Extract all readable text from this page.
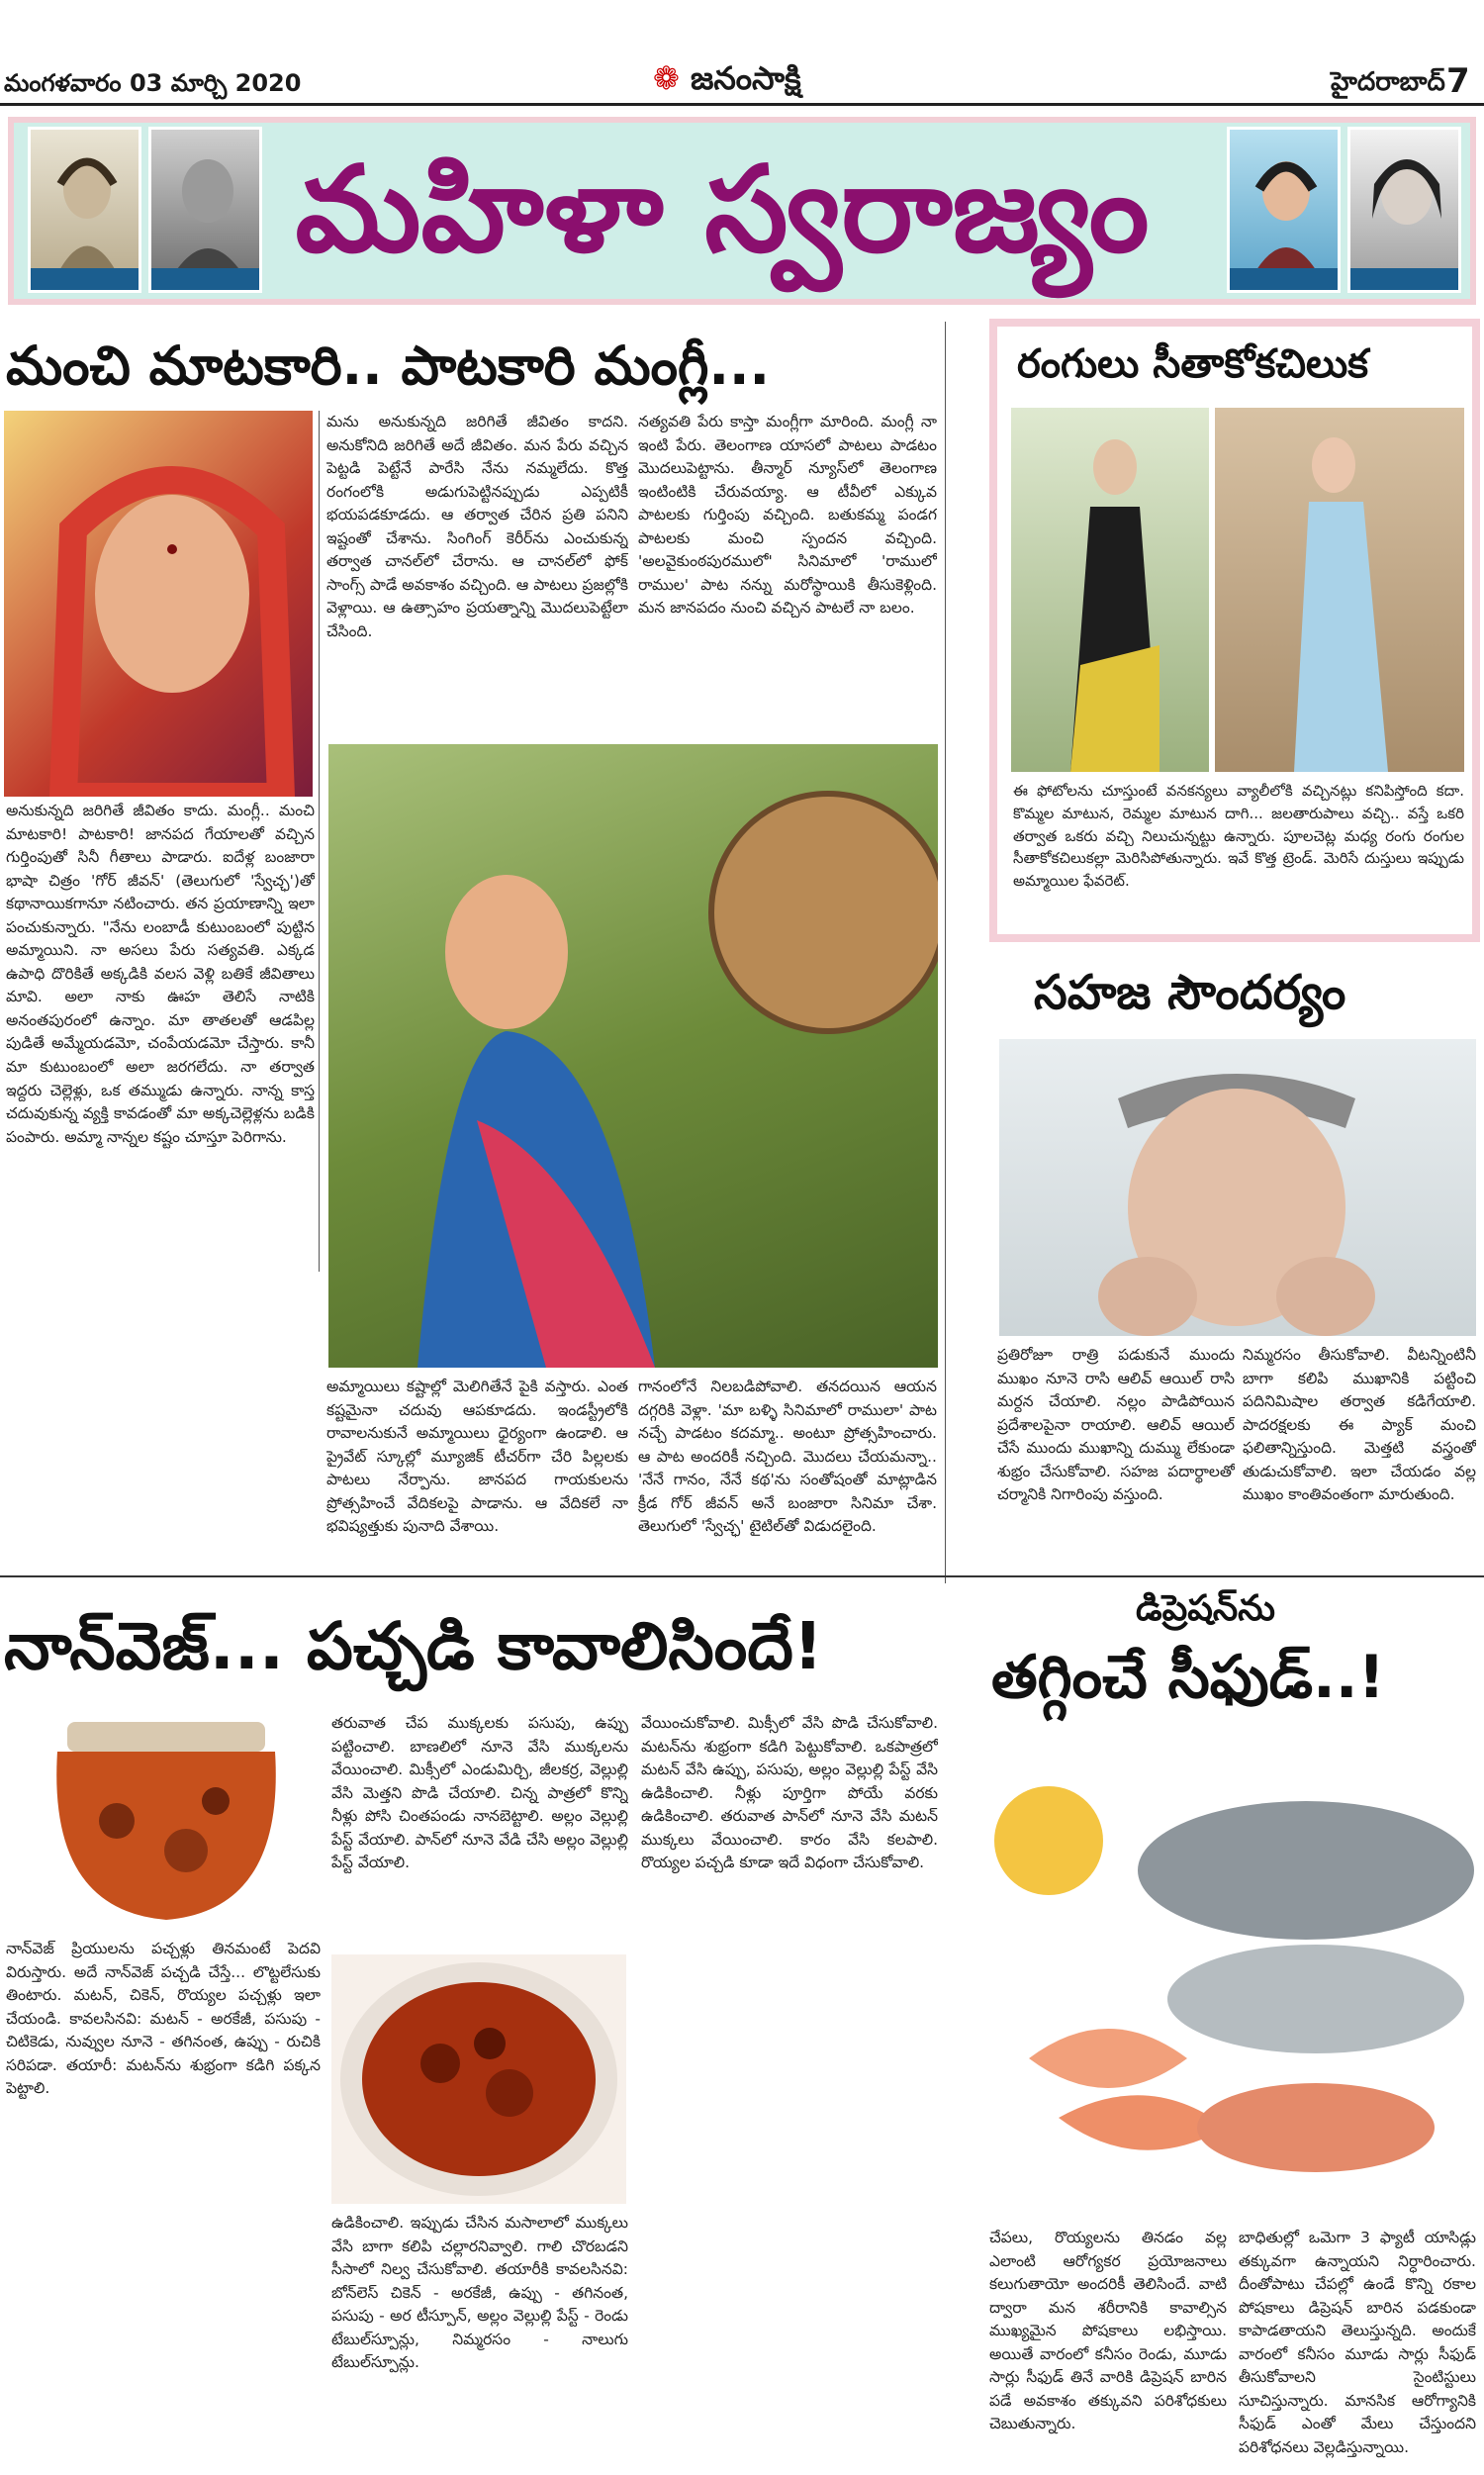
మంగళవారం 03 మార్చి 2020	❁ జనంసాక్షి	హైదరాబాద్ 7
మహిళా స్వరాజ్యం
మంచి మాటకారి.. పాటకారి మంగ్లీ...
అనుకున్నది జరిగితే జీవితం కాదు. మంగ్లీ.. మంచి మాటకారి! పాటకారి! జానపద గేయాలతో వచ్చిన గుర్తింపుతో సినీ గీతాలు పాడారు. ఐదేళ్ల బంజారా భాషా చిత్రం 'గోర్ జీవన్' (తెలుగులో 'స్వేచ్ఛ')తో కథానాయికగానూ నటించారు. తన ప్రయాణాన్ని ఇలా పంచుకున్నారు. "నేను లంబాడీ కుటుంబంలో పుట్టిన అమ్మాయిని. నా అసలు పేరు సత్యవతి. ఎక్కడ ఉపాధి దొరికితే అక్కడికి వలస వెళ్లి బతికే జీవితాలు మావి. అలా నాకు ఊహ తెలిసే నాటికి అనంతపురంలో ఉన్నాం. మా తాతలతో ఆడపిల్ల పుడితే అమ్మేయడమో, చంపేయడమో చేస్తారు. కానీ మా కుటుంబంలో అలా జరగలేదు. నా తర్వాత ఇద్దరు చెల్లెళ్లు, ఒక తమ్ముడు ఉన్నారు. నాన్న కాస్త చదువుకున్న వ్యక్తి కావడంతో మా అక్కచెల్లెళ్లను బడికి పంపారు. అమ్మా నాన్నల కష్టం చూస్తూ పెరిగాను.
మను అనుకున్నది జరిగితే జీవితం కాదని. అనుకోనిది జరిగితే అదే జీవితం. మన పేరు వచ్చిన పెట్టడి పెట్టేనే పారేసి నేను నమ్మలేదు. కొత్త రంగంలోకి అడుగుపెట్టినప్పుడు ఎప్పటికీ భయపడకూడదు. ఆ తర్వాత చేరిన ప్రతి పనిని ఇష్టంతో చేశాను. సింగింగ్ కెరీర్‌ను ఎంచుకున్న తర్వాత చానల్‌లో చేరాను. ఆ చానల్‌లో ఫోక్ సాంగ్స్ పాడే అవకాశం వచ్చింది. ఆ పాటలు ప్రజల్లోకి వెళ్లాయి. ఆ ఉత్సాహం ప్రయత్నాన్ని మొదలుపెట్టేలా చేసింది.
నత్యవతి పేరు కాస్తా మంగ్లీగా మారింది. మంగ్లీ నా ఇంటి పేరు. తెలంగాణ యాసలో పాటలు పాడటం మొదలుపెట్టాను. తీన్మార్ న్యూస్‌లో తెలంగాణ ఇంటింటికి చేరువయ్యా. ఆ టీవీలో ఎక్కువ పాటలకు గుర్తింపు వచ్చింది. బతుకమ్మ పండగ పాటలకు మంచి స్పందన వచ్చింది. 'అలవైకుంఠపురములో' సినిమాలో 'రాములో రాముల' పాట నన్ను మరోస్థాయికి తీసుకెళ్లింది. మన జానపదం నుంచి వచ్చిన పాటలే నా బలం.
అమ్మాయిలు కష్టాల్లో మెలిగితేనే పైకి వస్తారు. ఎంత కష్టమైనా చదువు ఆపకూడదు. ఇండస్ట్రీలోకి రావాలనుకునే అమ్మాయిలు ధైర్యంగా ఉండాలి. ఆ ప్రైవేట్ స్కూల్లో మ్యూజిక్ టీచర్‌గా చేరి పిల్లలకు పాటలు నేర్పాను. జానపద గాయకులను ప్రోత్సహించే వేదికలపై పాడాను. ఆ వేదికలే నా భవిష్యత్తుకు పునాది వేశాయి.
గానంలోనే నిలబడిపోవాలి. తనదయిన ఆయన దగ్గరికి వెళ్లా. 'మా బళ్ళి సినిమాలో రాములా' పాట నచ్చే పాడటం కదమ్మా.. అంటూ ప్రోత్సహించారు. ఆ పాట అందరికీ నచ్చింది. మొదలు చేయమన్నా.. 'నేనే గానం, నేనే కథ'ను సంతోషంతో మాట్లాడిన క్రీడ గోర్ జీవన్ అనే బంజారా సినిమా చేశా. తెలుగులో 'స్వేచ్ఛ' టైటిల్‌తో విడుదలైంది.
రంగులు సీతాకోకచిలుక
ఈ ఫోటోలను చూస్తుంటే వనకన్యలు వ్యాలీలోకి వచ్చినట్లు కనిపిస్తోంది కదా. కొమ్మల మాటున, రెమ్మల మాటున దాగి... జలతారుపాలు వచ్చి.. వస్తే ఒకరి తర్వాత ఒకరు వచ్చి నిలుచున్నట్టు ఉన్నారు. పూలచెట్ల మధ్య రంగు రంగుల సీతాకోకచిలుకల్లా మెరిసిపోతున్నారు. ఇవే కొత్త ట్రెండ్. మెరిసే దుస్తులు ఇప్పుడు అమ్మాయిల ఫేవరెట్.
సహజ సౌందర్యం
ప్రతిరోజూ రాత్రి పడుకునే ముందు ముఖం నూనె రాసి ఆలివ్ ఆయిల్ రాసి మర్దన చేయాలి. నల్లం పాడిపోయిన ప్రదేశాలపైనా రాయాలి. ఆలివ్ ఆయిల్ చేసే ముందు ముఖాన్ని దుమ్ము లేకుండా శుభ్రం చేసుకోవాలి. సహజ పదార్థాలతో చర్మానికి నిగారింపు వస్తుంది.
నిమ్మరసం తీసుకోవాలి. వీటన్నింటినీ బాగా కలిపి ముఖానికి పట్టించి పదినిమిషాల తర్వాత కడిగేయాలి. పాదరక్షలకు ఈ ప్యాక్ మంచి ఫలితాన్నిస్తుంది. మెత్తటి వస్త్రంతో తుడుచుకోవాలి. ఇలా చేయడం వల్ల ముఖం కాంతివంతంగా మారుతుంది.
నాన్‌వెజ్... పచ్చడి కావాలిసిందే!
నాన్‌వెజ్ ప్రియులను పచ్చళ్లు తినమంటే పెదవి విరుస్తారు. అదే నాన్‌వెజ్ పచ్చడి చేస్తే... లొట్టలేసుకు తింటారు. మటన్, చికెన్, రొయ్యల పచ్చళ్లు ఇలా చేయండి. కావలసినవి: మటన్ - అరకేజీ, పసుపు - చిటికెడు, నువ్వుల నూనె - తగినంత, ఉప్పు - రుచికి సరిపడా. తయారీ: మటన్‌ను శుభ్రంగా కడిగి పక్కన పెట్టాలి.
తరువాత చేప ముక్కలకు పసుపు, ఉప్పు పట్టించాలి. బాణలిలో నూనె వేసి ముక్కలను వేయించాలి. మిక్సీలో ఎండుమిర్చి, జీలకర్ర, వెల్లుల్లి వేసి మెత్తని పొడి చేయాలి. చిన్న పాత్రలో కొన్ని నీళ్లు పోసి చింతపండు నానబెట్టాలి. అల్లం వెల్లుల్లి పేస్ట్ వేయాలి. పాన్‌లో నూనె వేడి చేసి అల్లం వెల్లుల్లి పేస్ట్ వేయాలి.
వేయించుకోవాలి. మిక్సీలో వేసి పొడి చేసుకోవాలి. మటన్‌ను శుభ్రంగా కడిగి పెట్టుకోవాలి. ఒకపాత్రలో మటన్ వేసి ఉప్పు, పసుపు, అల్లం వెల్లుల్లి పేస్ట్ వేసి ఉడికించాలి. నీళ్లు పూర్తిగా పోయే వరకు ఉడికించాలి. తరువాత పాన్‌లో నూనె వేసి మటన్ ముక్కలు వేయించాలి. కారం వేసి కలపాలి. రొయ్యల పచ్చడి కూడా ఇదే విధంగా చేసుకోవాలి.
ఉడికించాలి. ఇప్పుడు చేసిన మసాలాలో ముక్కలు వేసి బాగా కలిపి చల్లారనివ్వాలి. గాలి చొరబడని సీసాలో నిల్వ చేసుకోవాలి. తయారీకి కావలసినవి: బోన్‌లెస్ చికెన్ - అరకేజీ, ఉప్పు - తగినంత, పసుపు - అర టీస్పూన్, అల్లం వెల్లుల్లి పేస్ట్ - రెండు టేబుల్‌స్పూన్లు, నిమ్మరసం - నాలుగు టేబుల్‌స్పూన్లు.
డిప్రెషన్‌ను
తగ్గించే సీఫుడ్..!
చేపలు, రొయ్యలను తినడం వల్ల ఎలాంటి ఆరోగ్యకర ప్రయోజనాలు కలుగుతాయో అందరికీ తెలిసిందే. వాటి ద్వారా మన శరీరానికి కావాల్సిన ముఖ్యమైన పోషకాలు లభిస్తాయి. అయితే వారంలో కనీసం రెండు, మూడు సార్లు సీఫుడ్ తినే వారికి డిప్రెషన్ బారిన పడే అవకాశం తక్కువని పరిశోధకులు చెబుతున్నారు.
బాధితుల్లో ఒమెగా 3 ఫ్యాటీ యాసిడ్లు తక్కువగా ఉన్నాయని నిర్ధారించారు. దీంతోపాటు చేపల్లో ఉండే కొన్ని రకాల పోషకాలు డిప్రెషన్ బారిన పడకుండా కాపాడతాయని తెలుస్తున్నది. అందుకే వారంలో కనీసం మూడు సార్లు సీఫుడ్ తీసుకోవాలని సైంటిస్టులు సూచిస్తున్నారు. మానసిక ఆరోగ్యానికి సీఫుడ్ ఎంతో మేలు చేస్తుందని పరిశోధనలు వెల్లడిస్తున్నాయి.
